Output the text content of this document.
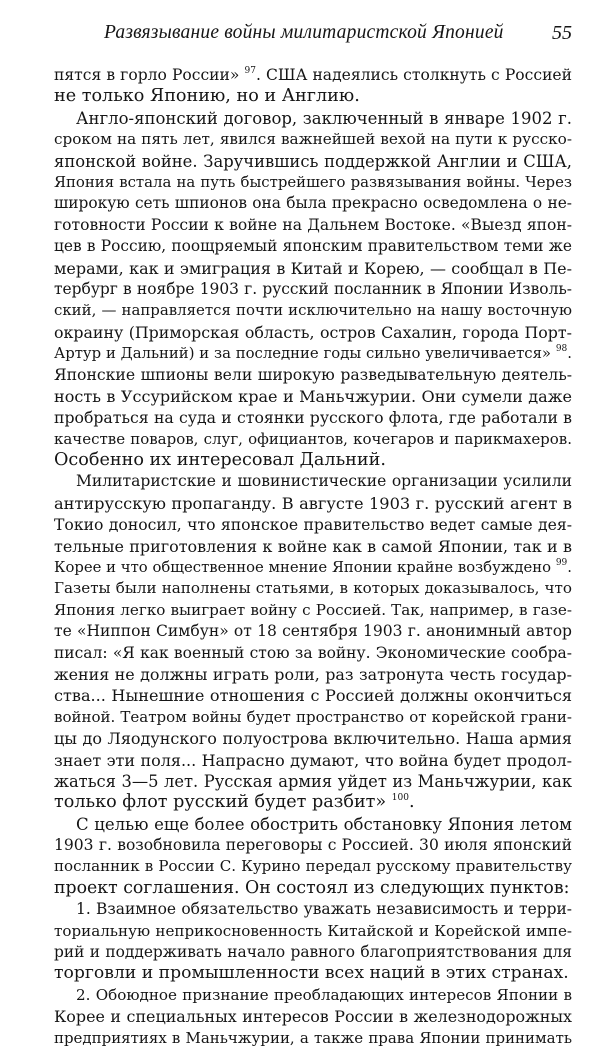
Развязывание войны милитаристской Японией 55
пятся в горло России» $^{97}$. США надеялись столкнуть с Россией
не только Японию, но и Англию.
Англо-японский договор, заключенный в январе 1902 г.
сроком на пять лет, явился важнейшей вехой на пути к русско-
японской войне. Заручившись поддержкой Англии и США,
Япония встала на путь быстрейшего развязывания войны. Через
широкую сеть шпионов она была прекрасно осведомлена о не-
готовности России к войне на Дальнем Востоке. «Выезд япон-
цев в Россию, поощряемый японским правительством теми же
мерами, как и эмиграция в Китай и Корею, — сообщал в Пе-
тербург в ноябре 1903 г. русский посланник в Японии Изволь-
ский, — направляется почти исключительно на нашу восточную
окраину (Приморская область, остров Сахалин, города Порт-
Артур и Дальний) и за последние годы сильно увеличивается» $^{98}$.
Японские шпионы вели широкую разведывательную деятель-
ность в Уссурийском крае и Маньчжурии. Они сумели даже
пробраться на суда и стоянки русского флота, где работали в
качестве поваров, слуг, официантов, кочегаров и парикмахеров.
Особенно их интересовал Дальний.
Милитаристские и шовинистические организации усилили
антирусскую пропаганду. В августе 1903 г. русский агент в
Токио доносил, что японское правительство ведет самые дея-
тельные приготовления к войне как в самой Японии, так и в
Корее и что общественное мнение Японии крайне возбуждено $^{99}$.
Газеты были наполнены статьями, в которых доказывалось, что
Япония легко выиграет войну с Россией. Так, например, в газе-
те «Ниппон Симбун» от 18 сентября 1903 г. анонимный автор
писал: «Я как военный стою за войну. Экономические сообра-
жения не должны играть роли, раз затронута честь государ-
ства... Нынешние отношения с Россией должны окончиться
войной. Театром войны будет пространство от корейской грани-
цы до Ляодунского полуострова включительно. Наша армия
знает эти поля... Напрасно думают, что война будет продол-
жаться 3—5 лет. Русская армия уйдет из Маньчжурии, как
только флот русский будет разбит» $^{100}$.
С целью еще более обострить обстановку Япония летом
1903 г. возобновила переговоры с Россией. 30 июля японский
посланник в России С. Курино передал русскому правительству
проект соглашения. Он состоял из следующих пунктов:
1. Взаимное обязательство уважать независимость и терри-
ториальную неприкосновенность Китайской и Корейской импе-
рий и поддерживать начало равного благоприятствования для
торговли и промышленности всех наций в этих странах.
2. Обоюдное признание преобладающих интересов Японии в
Корее и специальных интересов России в железнодорожных
предприятиях в Маньчжурии, а также права Японии принимать
